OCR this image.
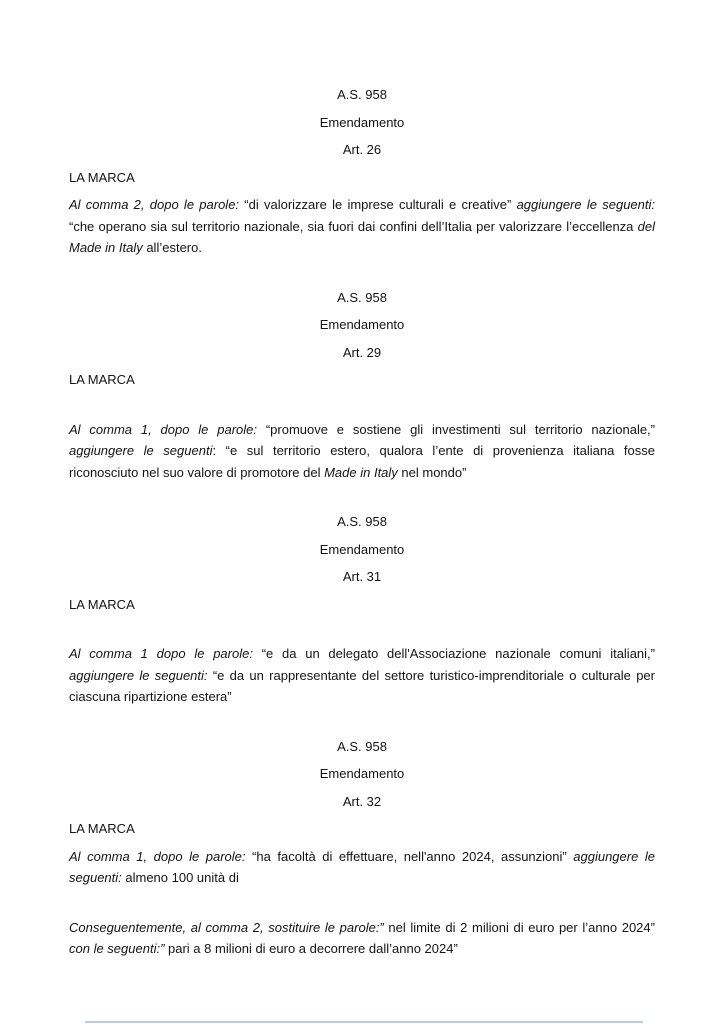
A.S. 958

Emendamento

Art. 26

LA MARCA

Al comma 2, dopo le parole: “di valorizzare le imprese culturali e creative” aggiungere le seguenti: “che operano sia sul territorio nazionale, sia fuori dai confini dell’Italia per valorizzare l’eccellenza del Made in Italy all’estero.

A.S. 958

Emendamento

Art. 29

LA MARCA

Al comma 1, dopo le parole: “promuove e sostiene gli investimenti sul territorio nazionale,” aggiungere le seguenti: “e sul territorio estero, qualora l’ente di provenienza italiana fosse riconosciuto nel suo valore di promotore del Made in Italy nel mondo”

A.S. 958

Emendamento

Art. 31

LA MARCA

Al comma 1 dopo le parole: “e da un delegato dell'Associazione nazionale comuni italiani,” aggiungere le seguenti: “e da un rappresentante del settore turistico-imprenditoriale o culturale per ciascuna ripartizione estera”

A.S. 958

Emendamento

Art. 32

LA MARCA

Al comma 1, dopo le parole: “ha facoltà di effettuare, nell'anno 2024, assunzioni” aggiungere le seguenti: almeno 100 unità di

Conseguentemente, al comma 2, sostituire le parole:” nel limite di 2 milioni di euro per l’anno 2024” con le seguenti:” pari a 8 milioni di euro a decorrere dall’anno 2024”
